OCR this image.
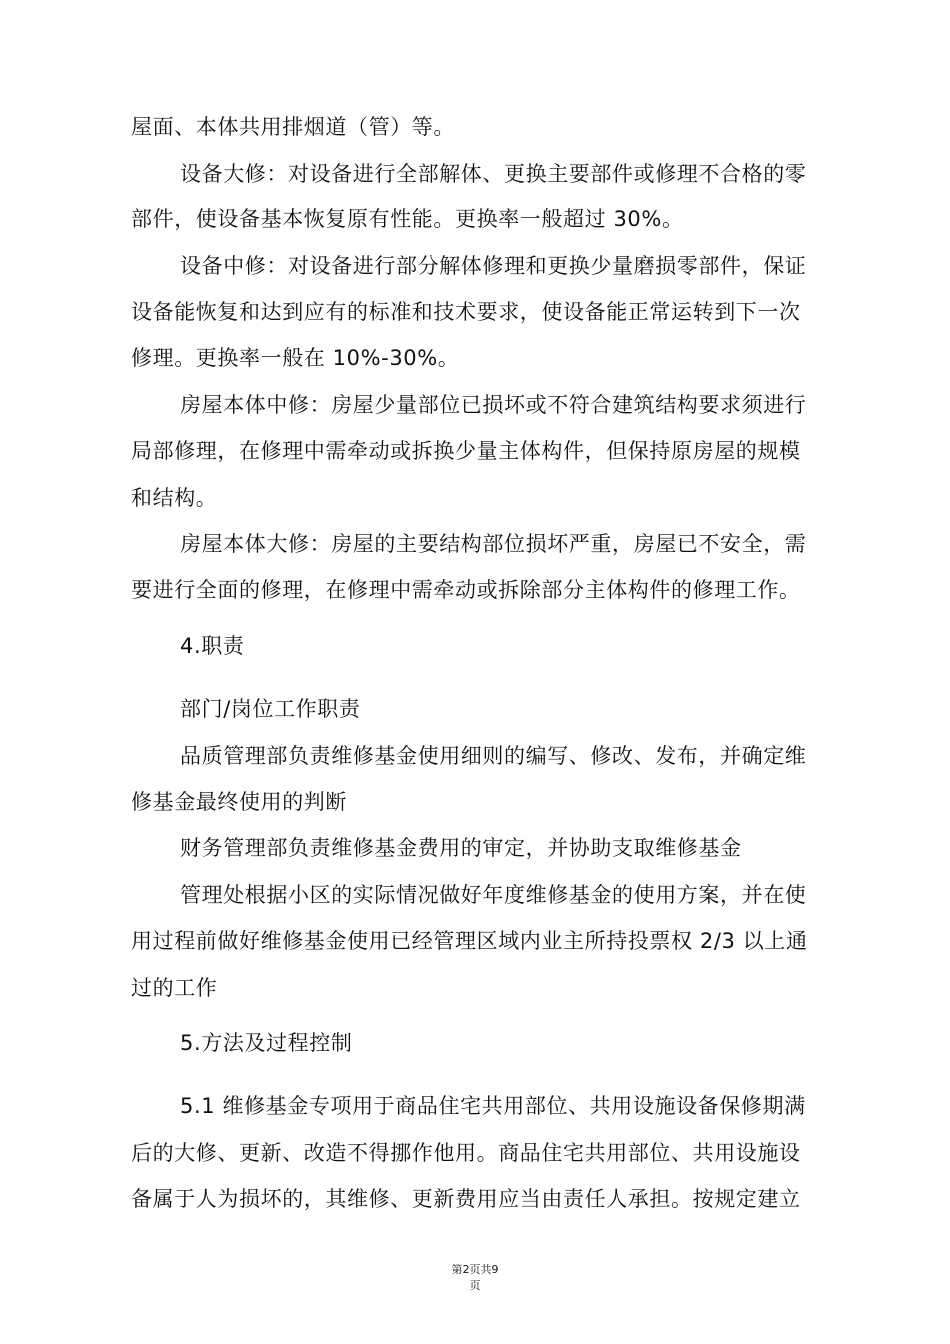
屋面、本体共用排烟道（管）等。
设备大修：对设备进行全部解体、更换主要部件或修理不合格的零
部件，使设备基本恢复原有性能。更换率一般超过 30%。
设备中修：对设备进行部分解体修理和更换少量磨损零部件，保证
设备能恢复和达到应有的标准和技术要求，使设备能正常运转到下一次
修理。更换率一般在 10%-30%。
房屋本体中修：房屋少量部位已损坏或不符合建筑结构要求须进行
局部修理，在修理中需牵动或拆换少量主体构件，但保持原房屋的规模
和结构。
房屋本体大修：房屋的主要结构部位损坏严重，房屋已不安全，需
要进行全面的修理，在修理中需牵动或拆除部分主体构件的修理工作。
4.职责
部门/岗位工作职责
品质管理部负责维修基金使用细则的编写、修改、发布，并确定维
修基金最终使用的判断
财务管理部负责维修基金费用的审定，并协助支取维修基金
管理处根据小区的实际情况做好年度维修基金的使用方案，并在使
用过程前做好维修基金使用已经管理区域内业主所持投票权 2/3 以上通
过的工作
5.方法及过程控制
5.1 维修基金专项用于商品住宅共用部位、共用设施设备保修期满
后的大修、更新、改造不得挪作他用。商品住宅共用部位、共用设施设
备属于人为损坏的，其维修、更新费用应当由责任人承担。按规定建立
第2页共9
页
